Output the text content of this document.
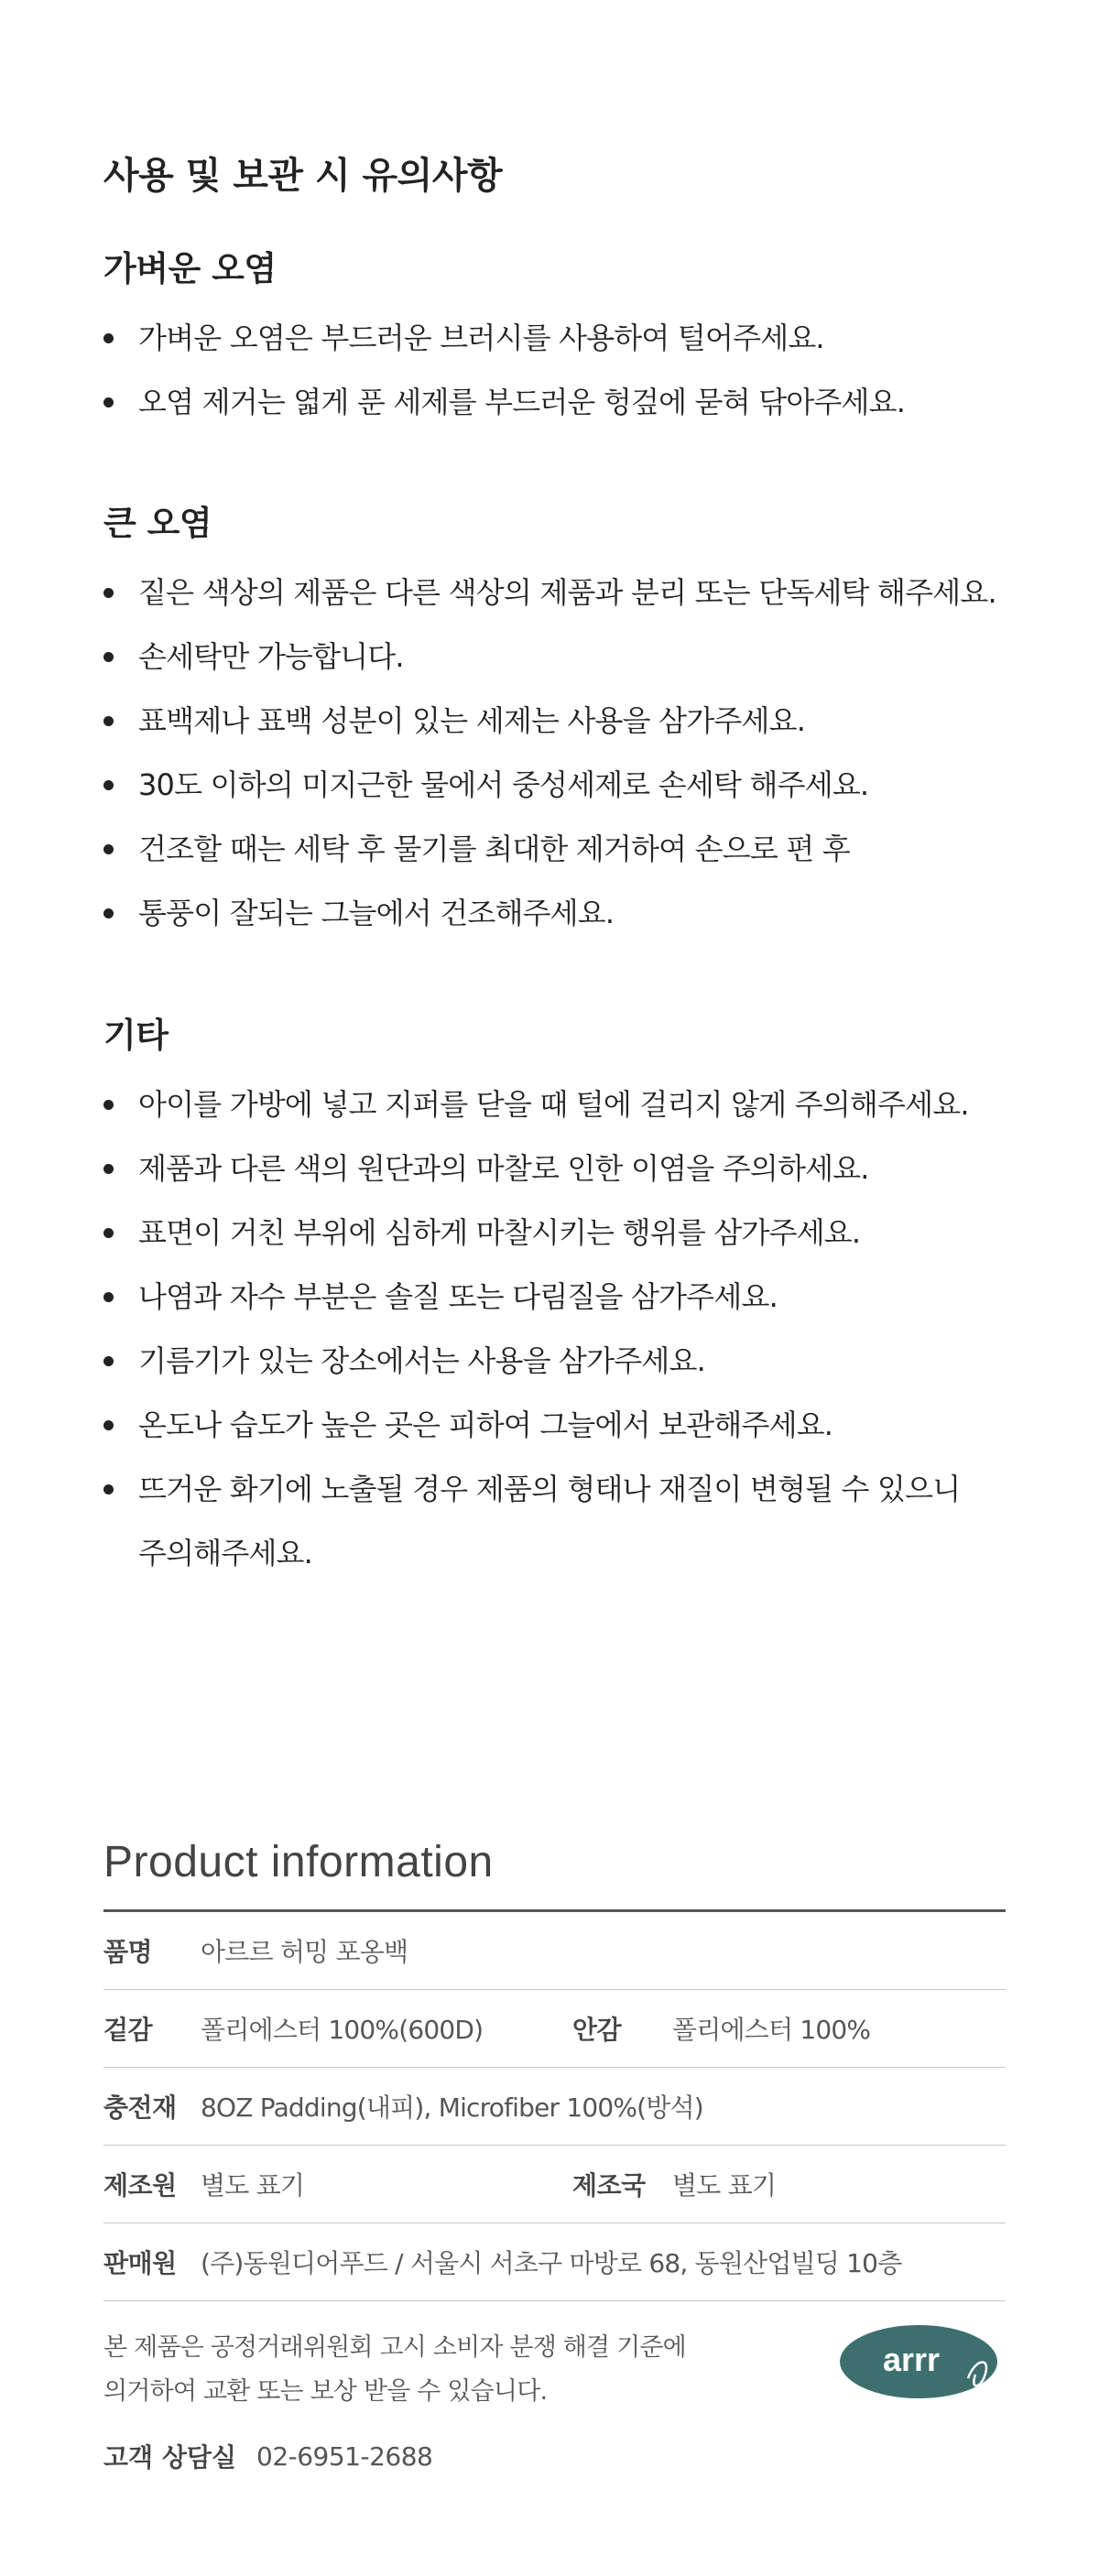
사용 및 보관 시 유의사항
가벼운 오염
가벼운 오염은 부드러운 브러시를 사용하여 털어주세요.
오염 제거는 엷게 푼 세제를 부드러운 헝겊에 묻혀 닦아주세요.
큰 오염
짙은 색상의 제품은 다른 색상의 제품과 분리 또는 단독세탁 해주세요.
손세탁만 가능합니다.
표백제나 표백 성분이 있는 세제는 사용을 삼가주세요.
30도 이하의 미지근한 물에서 중성세제로 손세탁 해주세요.
건조할 때는 세탁 후 물기를 최대한 제거하여 손으로 편 후
통풍이 잘되는 그늘에서 건조해주세요.
기타
아이를 가방에 넣고 지퍼를 닫을 때 털에 걸리지 않게 주의해주세요.
제품과 다른 색의 원단과의 마찰로 인한 이염을 주의하세요.
표면이 거친 부위에 심하게 마찰시키는 행위를 삼가주세요.
나염과 자수 부분은 솔질 또는 다림질을 삼가주세요.
기름기가 있는 장소에서는 사용을 삼가주세요.
온도나 습도가 높은 곳은 피하여 그늘에서 보관해주세요.
뜨거운 화기에 노출될 경우 제품의 형태나 재질이 변형될 수 있으니
주의해주세요.
Product information
품명 아르르 허밍 포옹백
겉감 폴리에스터 100%(600D)	안감 폴리에스터 100%
충전재 8OZ Padding(내피), Microfiber 100%(방석)
제조원 별도 표기	제조국 별도 표기
판매원 (주)동원디어푸드 / 서울시 서초구 마방로 68, 동원산업빌딩 10층
본 제품은 공정거래위원회 고시 소비자 분쟁 해결 기준에
의거하여 교환 또는 보상 받을 수 있습니다.
고객 상담실 02-6951-2688
arrr
